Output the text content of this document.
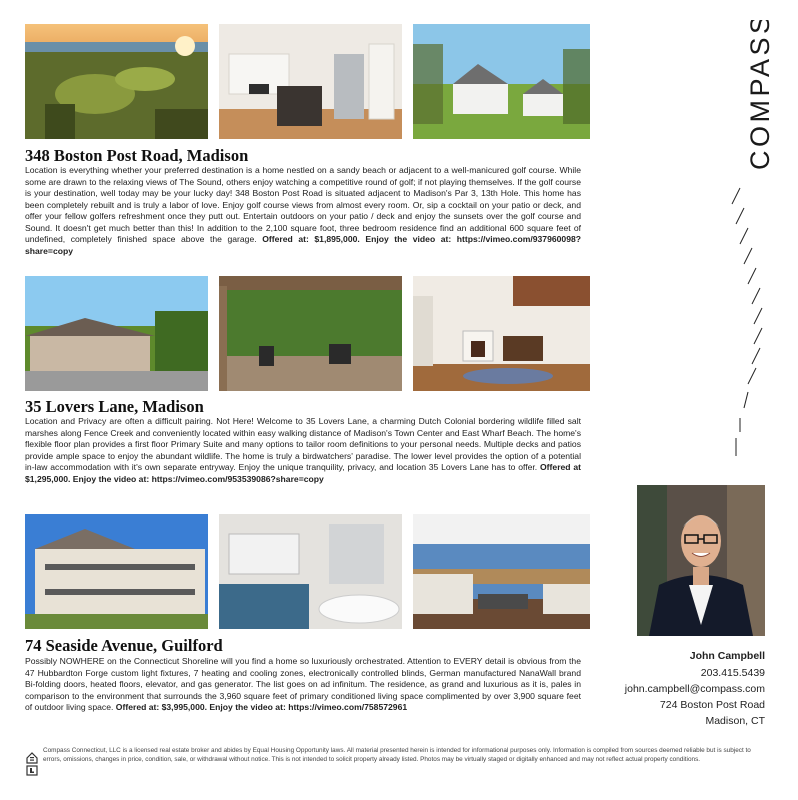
348 Boston Post Road, Madison
Location is everything whether your preferred destination is a home nestled on a sandy beach or adjacent to a well-manicured golf course. While some are drawn to the relaxing views of The Sound, others enjoy watching a competitive round of golf; if not playing themselves. If the golf course is your destination, well today may be your lucky day! 348 Boston Post Road is situated adjacent to Madison's Par 3, 13th Hole. This home has been completely rebuilt and is truly a labor of love. Enjoy golf course views from almost every room. Or, sip a cocktail on your patio or deck, and offer your fellow golfers refreshment once they putt out. Entertain outdoors on your patio / deck and enjoy the sunsets over the golf course and Sound. It doesn't get much better than this! In addition to the 2,100 square foot, three bedroom residence find an additional 600 square feet of undefined, completely finished space above the garage. Offered at: $1,895,000. Enjoy the video at: https://vimeo.com/937960098?share=copy
35 Lovers Lane, Madison
Location and Privacy are often a difficult pairing. Not Here! Welcome to 35 Lovers Lane, a charming Dutch Colonial bordering wildlife filled salt marshes along Fence Creek and conveniently located within easy walking distance of Madison's Town Center and East Wharf Beach. The home's flexible floor plan provides a first floor Primary Suite and many options to tailor room definitions to your personal needs. Multiple decks and patios provide ample space to enjoy the abundant wildlife. The home is truly a birdwatchers' paradise. The lower level provides the option of a potential in-law accommodation with it's own separate entryway. Enjoy the unique tranquility, privacy, and location 35 Lovers Lane has to offer. Offered at $1,295,000. Enjoy the video at: https://vimeo.com/953539086?share=copy
74 Seaside Avenue, Guilford
Possibly NOWHERE on the Connecticut Shoreline will you find a home so luxuriously orchestrated. Attention to EVERY detail is obvious from the 47 Hubbardton Forge custom light fixtures, 7 heating and cooling zones, electronically controlled blinds, German manufactured NanaWall brand Bi-folding doors, heated floors, elevator, and gas generator. The list goes on ad infinitum. The residence, as grand and luxurious as it is, pales in comparison to the environment that surrounds the 3,960 square feet of primary conditioned living space complimented by over 3,900 square feet of outdoor living space. Offered at: $3,995,000. Enjoy the video at: https://vimeo.com/758572961
COMPASS
John Campbell
203.415.5439
john.campbell@compass.com
724 Boston Post Road
Madison, CT
Compass Connecticut, LLC is a licensed real estate broker and abides by Equal Housing Opportunity laws. All material presented herein is intended for informational purposes only. Information is compiled from sources deemed reliable but is subject to errors, omissions, changes in price, condition, sale, or withdrawal without notice. This is not intended to solicit property already listed. Photos may be virtually staged or digitally enhanced and may not reflect actual property conditions.
